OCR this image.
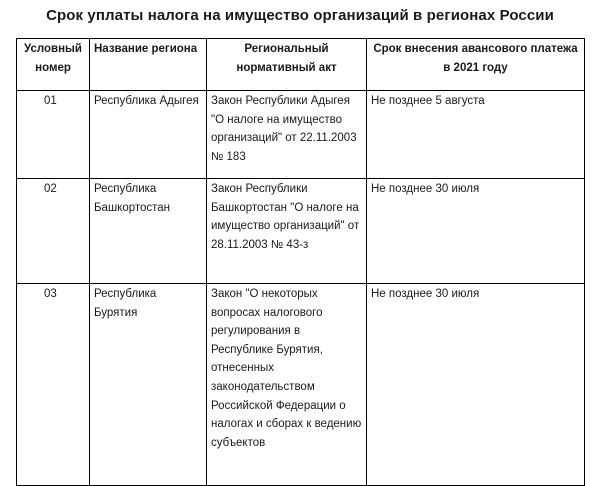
Срок уплаты налога на имущество организаций в регионах России
Условный номер	Название региона	Региональный нормативный акт	Срок внесения авансового платежа в 2021 году
01	Республика Адыгея	Закон Республики Адыгея "О налоге на имущество организаций" от 22.11.2003 № 183	Не позднее 5 августа
02	Республика Башкортостан	Закон Республики Башкортостан "О налоге на имущество организаций" от 28.11.2003 № 43-з	Не позднее 30 июля
03	Республика Бурятия	Закон "О некоторых вопросах налогового регулирования в Республике Бурятия, отнесенных законодательством Российской Федерации о налогах и сборах к ведению субъектов	Не позднее 30 июля
